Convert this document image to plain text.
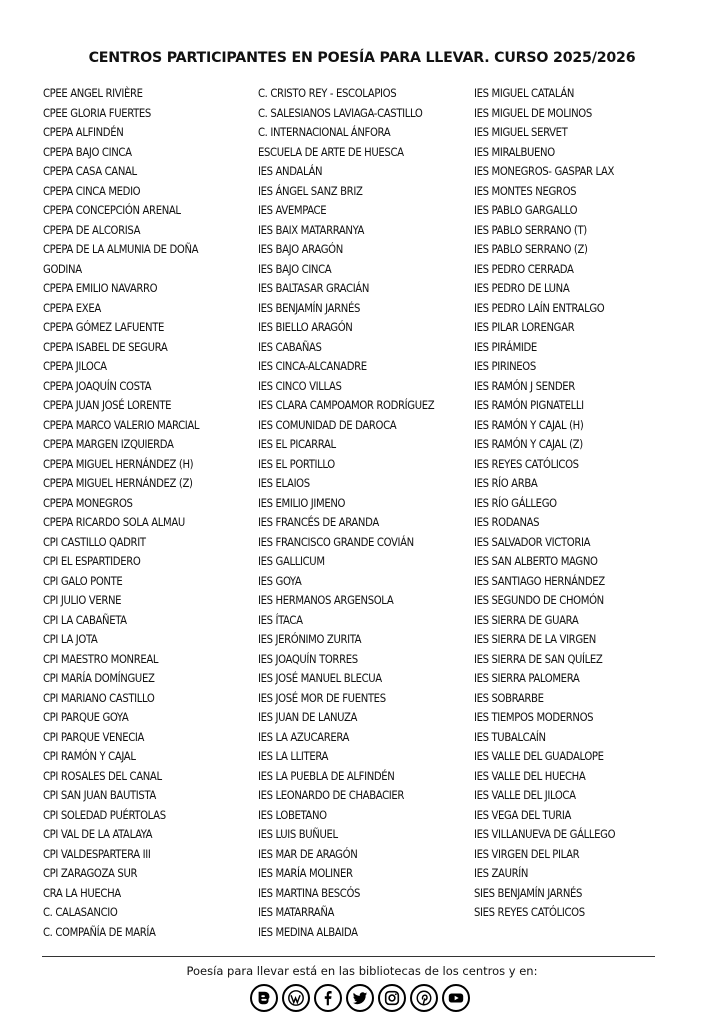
CENTROS PARTICIPANTES EN POESÍA PARA LLEVAR. CURSO 2025/2026
CPEE ANGEL RIVIÈRE
CPEE GLORIA FUERTES
CPEPA ALFINDÉN
CPEPA BAJO CINCA
CPEPA CASA CANAL
CPEPA CINCA MEDIO
CPEPA CONCEPCIÓN ARENAL
CPEPA DE ALCORISA
CPEPA DE LA ALMUNIA DE DOÑA
GODINA
CPEPA EMILIO NAVARRO
CPEPA EXEA
CPEPA GÓMEZ LAFUENTE
CPEPA ISABEL DE SEGURA
CPEPA JILOCA
CPEPA JOAQUÍN COSTA
CPEPA JUAN JOSÉ LORENTE
CPEPA MARCO VALERIO MARCIAL
CPEPA MARGEN IZQUIERDA
CPEPA MIGUEL HERNÁNDEZ (H)
CPEPA MIGUEL HERNÁNDEZ (Z)
CPEPA MONEGROS
CPEPA RICARDO SOLA ALMAU
CPI CASTILLO QADRIT
CPI EL ESPARTIDERO
CPI GALO PONTE
CPI JULIO VERNE
CPI LA CABAÑETA
CPI LA JOTA
CPI MAESTRO MONREAL
CPI MARÍA DOMÍNGUEZ
CPI MARIANO CASTILLO
CPI PARQUE GOYA
CPI PARQUE VENECIA
CPI RAMÓN Y CAJAL
CPI ROSALES DEL CANAL
CPI SAN JUAN BAUTISTA
CPI SOLEDAD PUÉRTOLAS
CPI VAL DE LA ATALAYA
CPI VALDESPARTERA III
CPI ZARAGOZA SUR
CRA LA HUECHA
C. CALASANCIO
C. COMPAÑÍA DE MARÍA
C. CRISTO REY - ESCOLAPIOS
C. SALESIANOS LAVIAGA-CASTILLO
C. INTERNACIONAL ÁNFORA
ESCUELA DE ARTE DE HUESCA
IES ANDALÁN
IES ÁNGEL SANZ BRIZ
IES AVEMPACE
IES BAIX MATARRANYA
IES BAJO ARAGÓN
IES BAJO CINCA
IES BALTASAR GRACIÁN
IES BENJAMÍN JARNÉS
IES BIELLO ARAGÓN
IES CABAÑAS
IES CINCA-ALCANADRE
IES CINCO VILLAS
IES CLARA CAMPOAMOR RODRÍGUEZ
IES COMUNIDAD DE DAROCA
IES EL PICARRAL
IES EL PORTILLO
IES ELAIOS
IES EMILIO JIMENO
IES FRANCÉS DE ARANDA
IES FRANCISCO GRANDE COVIÁN
IES GALLICUM
IES GOYA
IES HERMANOS ARGENSOLA
IES ÍTACA
IES JERÓNIMO ZURITA
IES JOAQUÍN TORRES
IES JOSÉ MANUEL BLECUA
IES JOSÉ MOR DE FUENTES
IES JUAN DE LANUZA
IES LA AZUCARERA
IES LA LLITERA
IES LA PUEBLA DE ALFINDÉN
IES LEONARDO DE CHABACIER
IES LOBETANO
IES LUIS BUÑUEL
IES MAR DE ARAGÓN
IES MARÍA MOLINER
IES MARTINA BESCÓS
IES MATARRAÑA
IES MEDINA ALBAIDA
IES MIGUEL CATALÁN
IES MIGUEL DE MOLINOS
IES MIGUEL SERVET
IES MIRALBUENO
IES MONEGROS- GASPAR LAX
IES MONTES NEGROS
IES PABLO GARGALLO
IES PABLO SERRANO (T)
IES PABLO SERRANO (Z)
IES PEDRO CERRADA
IES PEDRO DE LUNA
IES PEDRO LAÍN ENTRALGO
IES PILAR LORENGAR
IES PIRÁMIDE
IES PIRINEOS
IES RAMÓN J SENDER
IES RAMÓN PIGNATELLI
IES RAMÓN Y CAJAL (H)
IES RAMÓN Y CAJAL (Z)
IES REYES CATÓLICOS
IES RÍO ARBA
IES RÍO GÁLLEGO
IES RODANAS
IES SALVADOR VICTORIA
IES SAN ALBERTO MAGNO
IES SANTIAGO HERNÁNDEZ
IES SEGUNDO DE CHOMÓN
IES SIERRA DE GUARA
IES SIERRA DE LA VIRGEN
IES SIERRA DE SAN QUÍLEZ
IES SIERRA PALOMERA
IES SOBRARBE
IES TIEMPOS MODERNOS
IES TUBALCAÍN
IES VALLE DEL GUADALOPE
IES VALLE DEL HUECHA
IES VALLE DEL JILOCA
IES VEGA DEL TURIA
IES VILLANUEVA DE GÁLLEGO
IES VIRGEN DEL PILAR
IES ZAURÍN
SIES BENJAMÍN JARNÉS
SIES REYES CATÓLICOS
Poesía para llevar está en las bibliotecas de los centros y en:
